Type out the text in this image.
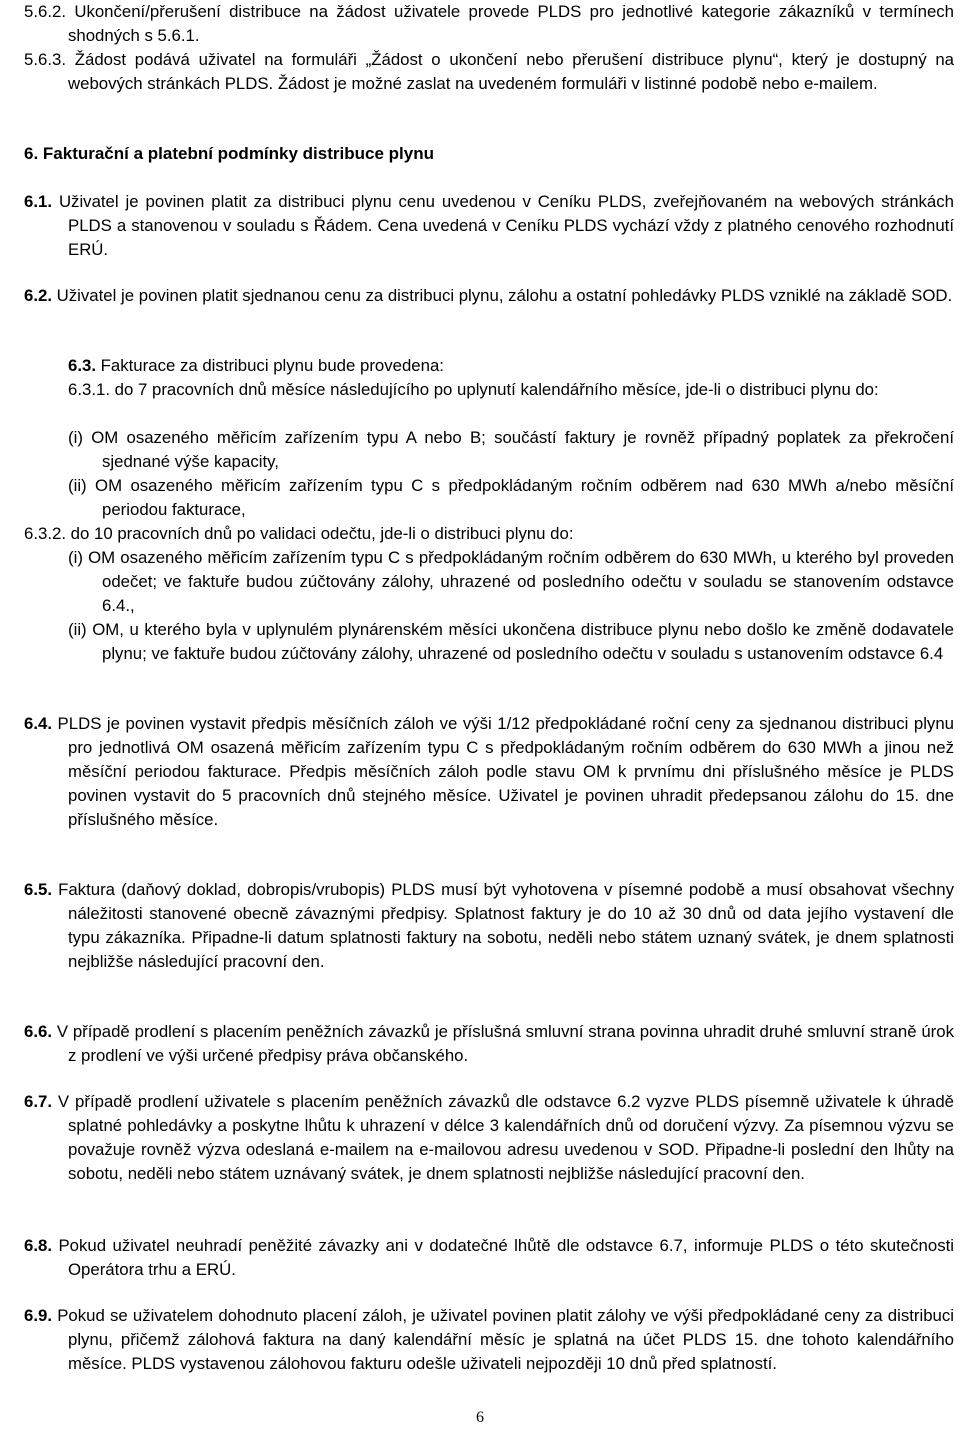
5.6.2. Ukončení/přerušení distribuce na žádost uživatele provede PLDS pro jednotlivé kategorie zákazníků v termínech shodných s 5.6.1.
5.6.3. Žádost podává uživatel na formuláři „Žádost o ukončení nebo přerušení distribuce plynu“, který je dostupný na webových stránkách PLDS. Žádost je možné zaslat na uvedeném formuláři v listinné podobě nebo e-mailem.
6. Fakturační a platební podmínky distribuce plynu
6.1. Uživatel je povinen platit za distribuci plynu cenu uvedenou v Ceníku PLDS, zveřejňovaném na webových stránkách PLDS a stanovenou v souladu s Řádem. Cena uvedená v Ceníku PLDS vychází vždy z platného cenového rozhodnutí ERÚ.
6.2. Uživatel je povinen platit sjednanou cenu za distribuci plynu, zálohu a ostatní pohledávky PLDS vzniklé na základě SOD.
6.3. Fakturace za distribuci plynu bude provedena:
6.3.1. do 7 pracovních dnů měsíce následujícího po uplynutí kalendářního měsíce, jde-li o distribuci plynu do:
(i) OM osazeného měřicím zařízením typu A nebo B; součástí faktury je rovněž případný poplatek za překročení sjednané výše kapacity,
(ii) OM osazeného měřicím zařízením typu C s předpokládaným ročním odběrem nad 630 MWh a/nebo měsíční periodou fakturace,
6.3.2. do 10 pracovních dnů po validaci odečtu, jde-li o distribuci plynu do:
(i) OM osazeného měřicím zařízením typu C s předpokládaným ročním odběrem do 630 MWh, u kterého byl proveden odečet; ve faktuře budou zúčtovány zálohy, uhrazené od posledního odečtu v souladu se stanovením odstavce 6.4.,
(ii) OM, u kterého byla v uplynulém plynárenském měsíci ukončena distribuce plynu nebo došlo ke změně dodavatele plynu; ve faktuře budou zúčtovány zálohy, uhrazené od posledního odečtu v souladu s ustanovením odstavce 6.4
6.4. PLDS je povinen vystavit předpis měsíčních záloh ve výši 1/12 předpokládané roční ceny za sjednanou distribuci plynu pro jednotlivá OM osazená měřicím zařízením typu C s předpokládaným ročním odběrem do 630 MWh a jinou než měsíční periodou fakturace. Předpis měsíčních záloh podle stavu OM k prvnímu dni příslušného měsíce je PLDS povinen vystavit do 5 pracovních dnů stejného měsíce. Uživatel je povinen uhradit předepsanou zálohu do 15. dne příslušného měsíce.
6.5. Faktura (daňový doklad, dobropis/vrubopis) PLDS musí být vyhotovena v písemné podobě a musí obsahovat všechny náležitosti stanovené obecně závaznými předpisy. Splatnost faktury je do 10 až 30 dnů od data jejího vystavení dle typu zákazníka. Připadne-li datum splatnosti faktury na sobotu, neděli nebo státem uznaný svátek, je dnem splatnosti nejbližše následující pracovní den.
6.6. V případě prodlení s placením peněžních závazků je příslušná smluvní strana povinna uhradit druhé smluvní straně úrok z prodlení ve výši určené předpisy práva občanského.
6.7. V případě prodlení uživatele s placením peněžních závazků dle odstavce 6.2 vyzve PLDS písemně uživatele k úhradě splatné pohledávky a poskytne lhůtu k uhrazení v délce 3 kalendářních dnů od doručení výzvy. Za písemnou výzvu se považuje rovněž výzva odeslaná e-mailem na e-mailovou adresu uvedenou v SOD. Připadne-li poslední den lhůty na sobotu, neděli nebo státem uznávaný svátek, je dnem splatnosti nejbližše následující pracovní den.
6.8. Pokud uživatel neuhradí peněžité závazky ani v dodatečné lhůtě dle odstavce 6.7, informuje PLDS o této skutečnosti Operátora trhu a ERÚ.
6.9. Pokud se uživatelem dohodnuto placení záloh, je uživatel povinen platit zálohy ve výši předpokládané ceny za distribuci plynu, přičemž zálohová faktura na daný kalendářní měsíc je splatná na účet PLDS 15. dne tohoto kalendářního měsíce. PLDS vystavenou zálohovou fakturu odešle uživateli nejpozději 10 dnů před splatností.
6
